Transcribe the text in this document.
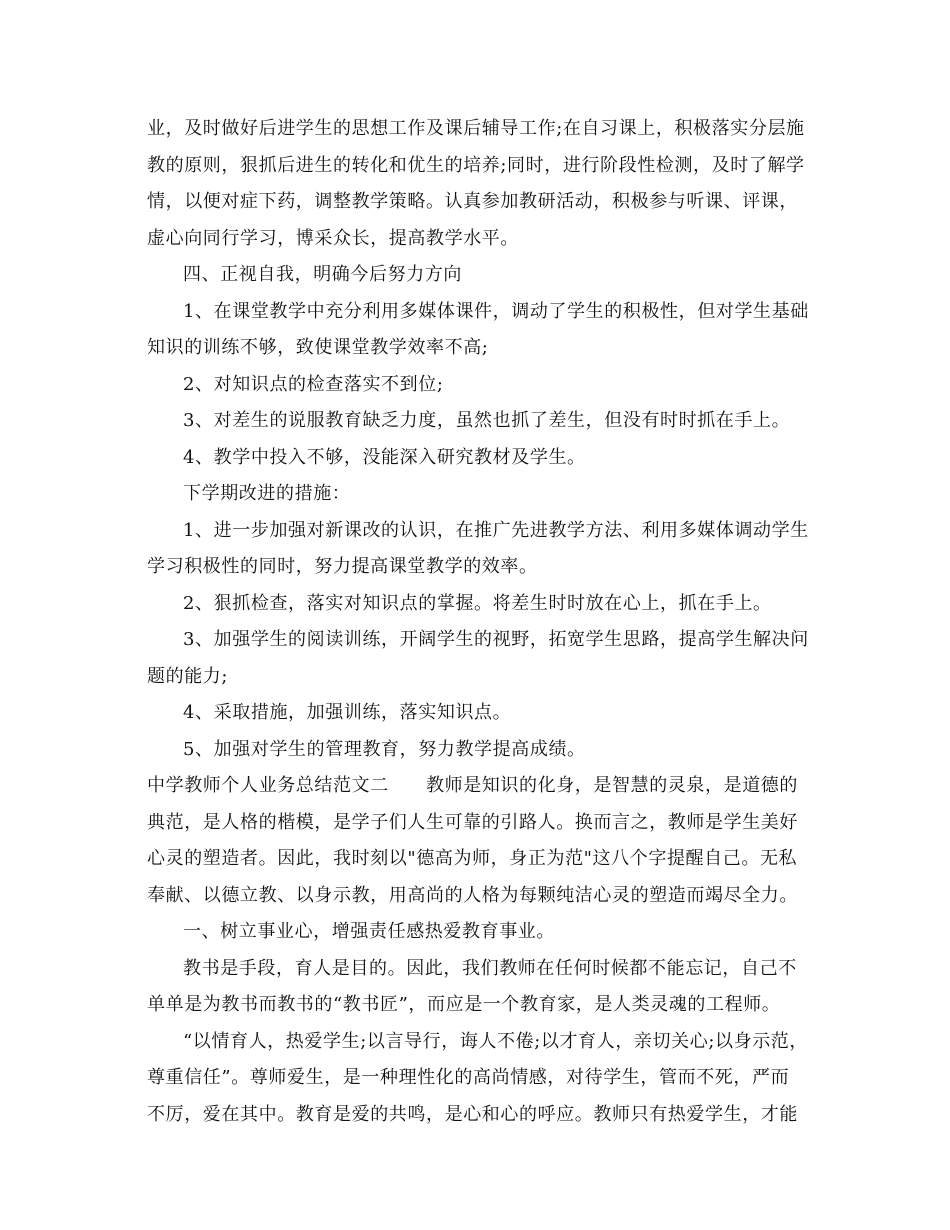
业，及时做好后进学生的思想工作及课后辅导工作;在自习课上，积极落实分层施
教的原则，狠抓后进生的转化和优生的培养;同时，进行阶段性检测，及时了解学
情，以便对症下药，调整教学策略。认真参加教研活动，积极参与听课、评课，
虚心向同行学习，博采众长，提高教学水平。
四、正视自我，明确今后努力方向
1、在课堂教学中充分利用多媒体课件，调动了学生的积极性，但对学生基础
知识的训练不够，致使课堂教学效率不高;
2、对知识点的检查落实不到位;
3、对差生的说服教育缺乏力度，虽然也抓了差生，但没有时时抓在手上。
4、教学中投入不够，没能深入研究教材及学生。
下学期改进的措施：
1、进一步加强对新课改的认识，在推广先进教学方法、利用多媒体调动学生
学习积极性的同时，努力提高课堂教学的效率。
2、狠抓检查，落实对知识点的掌握。将差生时时放在心上，抓在手上。
3、加强学生的阅读训练，开阔学生的视野，拓宽学生思路，提高学生解决问
题的能力;
4、采取措施，加强训练，落实知识点。
5、加强对学生的管理教育，努力教学提高成绩。
中学教师个人业务总结范文二　　教师是知识的化身，是智慧的灵泉，是道德的
典范，是人格的楷模，是学子们人生可靠的引路人。换而言之，教师是学生美好
心灵的塑造者。因此，我时刻以"德高为师，身正为范"这八个字提醒自己。无私
奉献、以德立教、以身示教，用高尚的人格为每颗纯洁心灵的塑造而竭尽全力。
一、树立事业心，增强责任感热爱教育事业。
教书是手段，育人是目的。因此，我们教师在任何时候都不能忘记，自己不
单单是为教书而教书的“教书匠”，而应是一个教育家，是人类灵魂的工程师。
“以情育人，热爱学生;以言导行，诲人不倦;以才育人，亲切关心;以身示范，
尊重信任”。尊师爱生，是一种理性化的高尚情感，对待学生，管而不死，严而
不厉，爱在其中。教育是爱的共鸣，是心和心的呼应。教师只有热爱学生，才能
